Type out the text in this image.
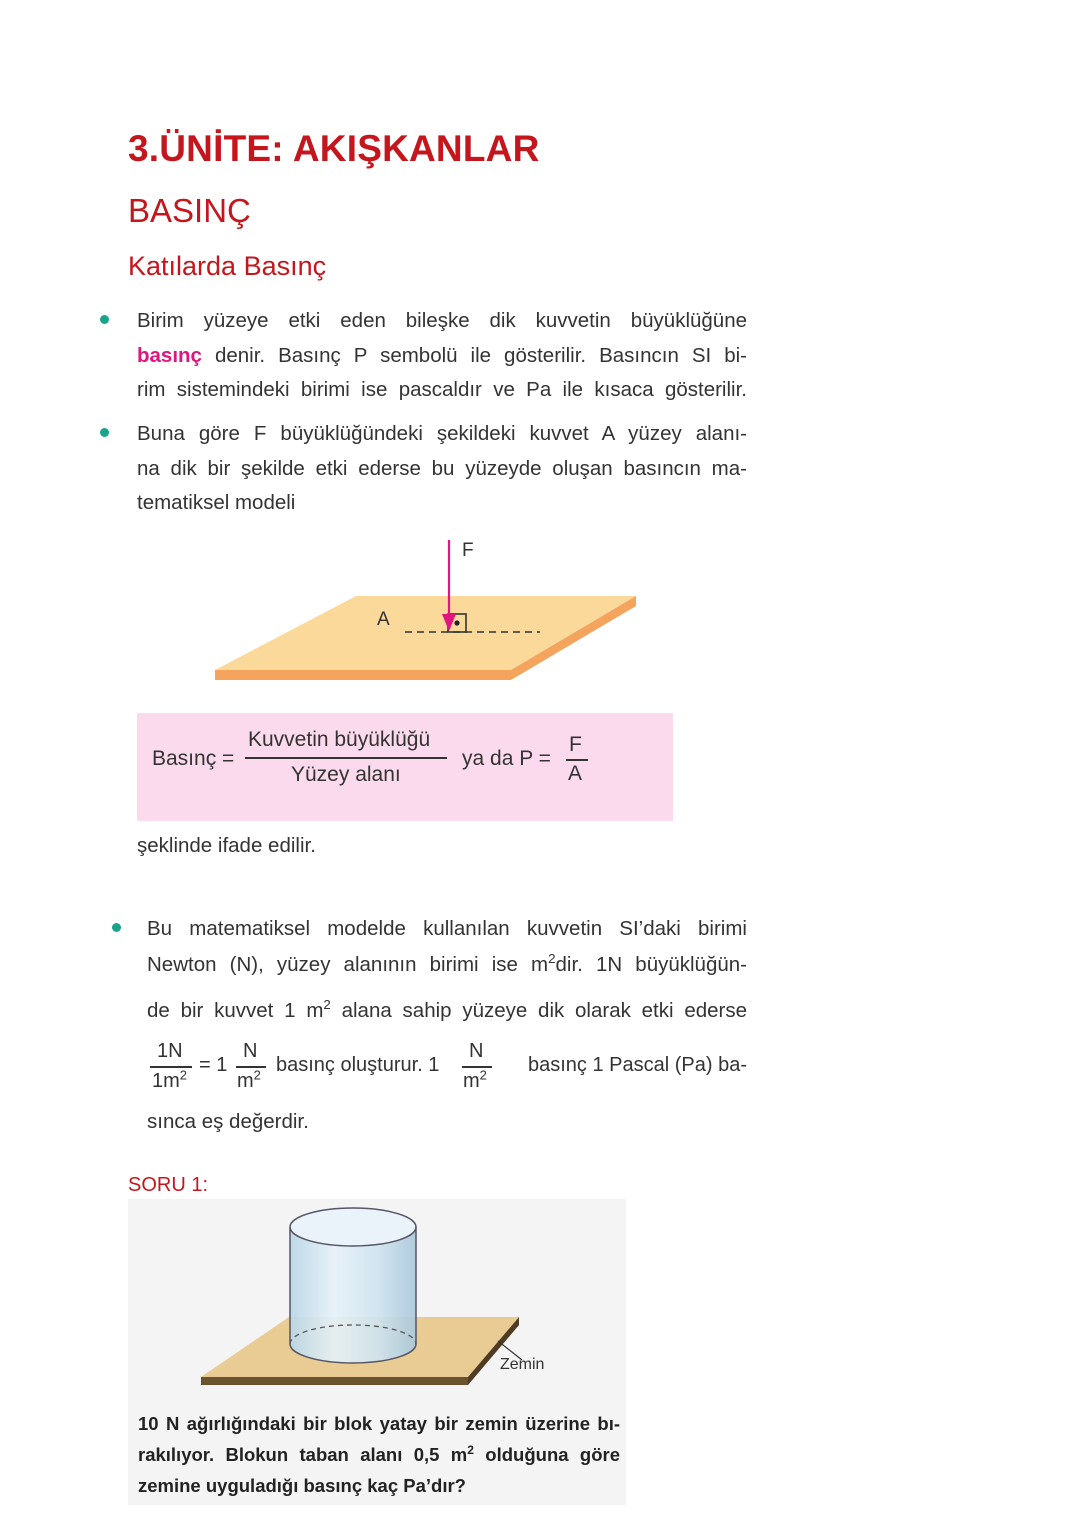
3.ÜNİTE: AKIŞKANLAR
BASINÇ
Katılarda Basınç
Birim yüzeye etki eden bileşke dik kuvvetin büyüklüğüne
basınç denir. Basınç P sembolü ile gösterilir. Basıncın SI bi-
rim sistemindeki birimi ise pascaldır ve Pa ile kısaca gösterilir.
Buna göre F büyüklüğündeki şekildeki kuvvet A yüzey alanı-
na dik bir şekilde etki ederse bu yüzeyde oluşan basıncın ma-
tematiksel modeli
F
A
Basınç =
Kuvvetin büyüklüğü
Yüzey alanı
ya da P =
F
A
şeklinde ifade edilir.
Bu matematiksel modelde kullanılan kuvvetin SI’daki birimi
Newton (N), yüzey alanının birimi ise $m^2dir$. 1N büyüklüğün-
de bir kuvvet 1 $m^2$ alana sahip yüzeye dik olarak etki ederse
1N
$1m^2 = 1$
N
$m^2$ basınç oluşturur. 1
N
$m^2$	basınç 1 Pascal (Pa) ba-
sınca eş değerdir.
SORU 1:
Zemin
10 N ağırlığındaki bir blok yatay bir zemin üzerine bı-
rakılıyor. Blokun taban alanı 0,5 $m^2$ olduğuna göre
zemine uyguladığı basınç kaç Pa’dır?
